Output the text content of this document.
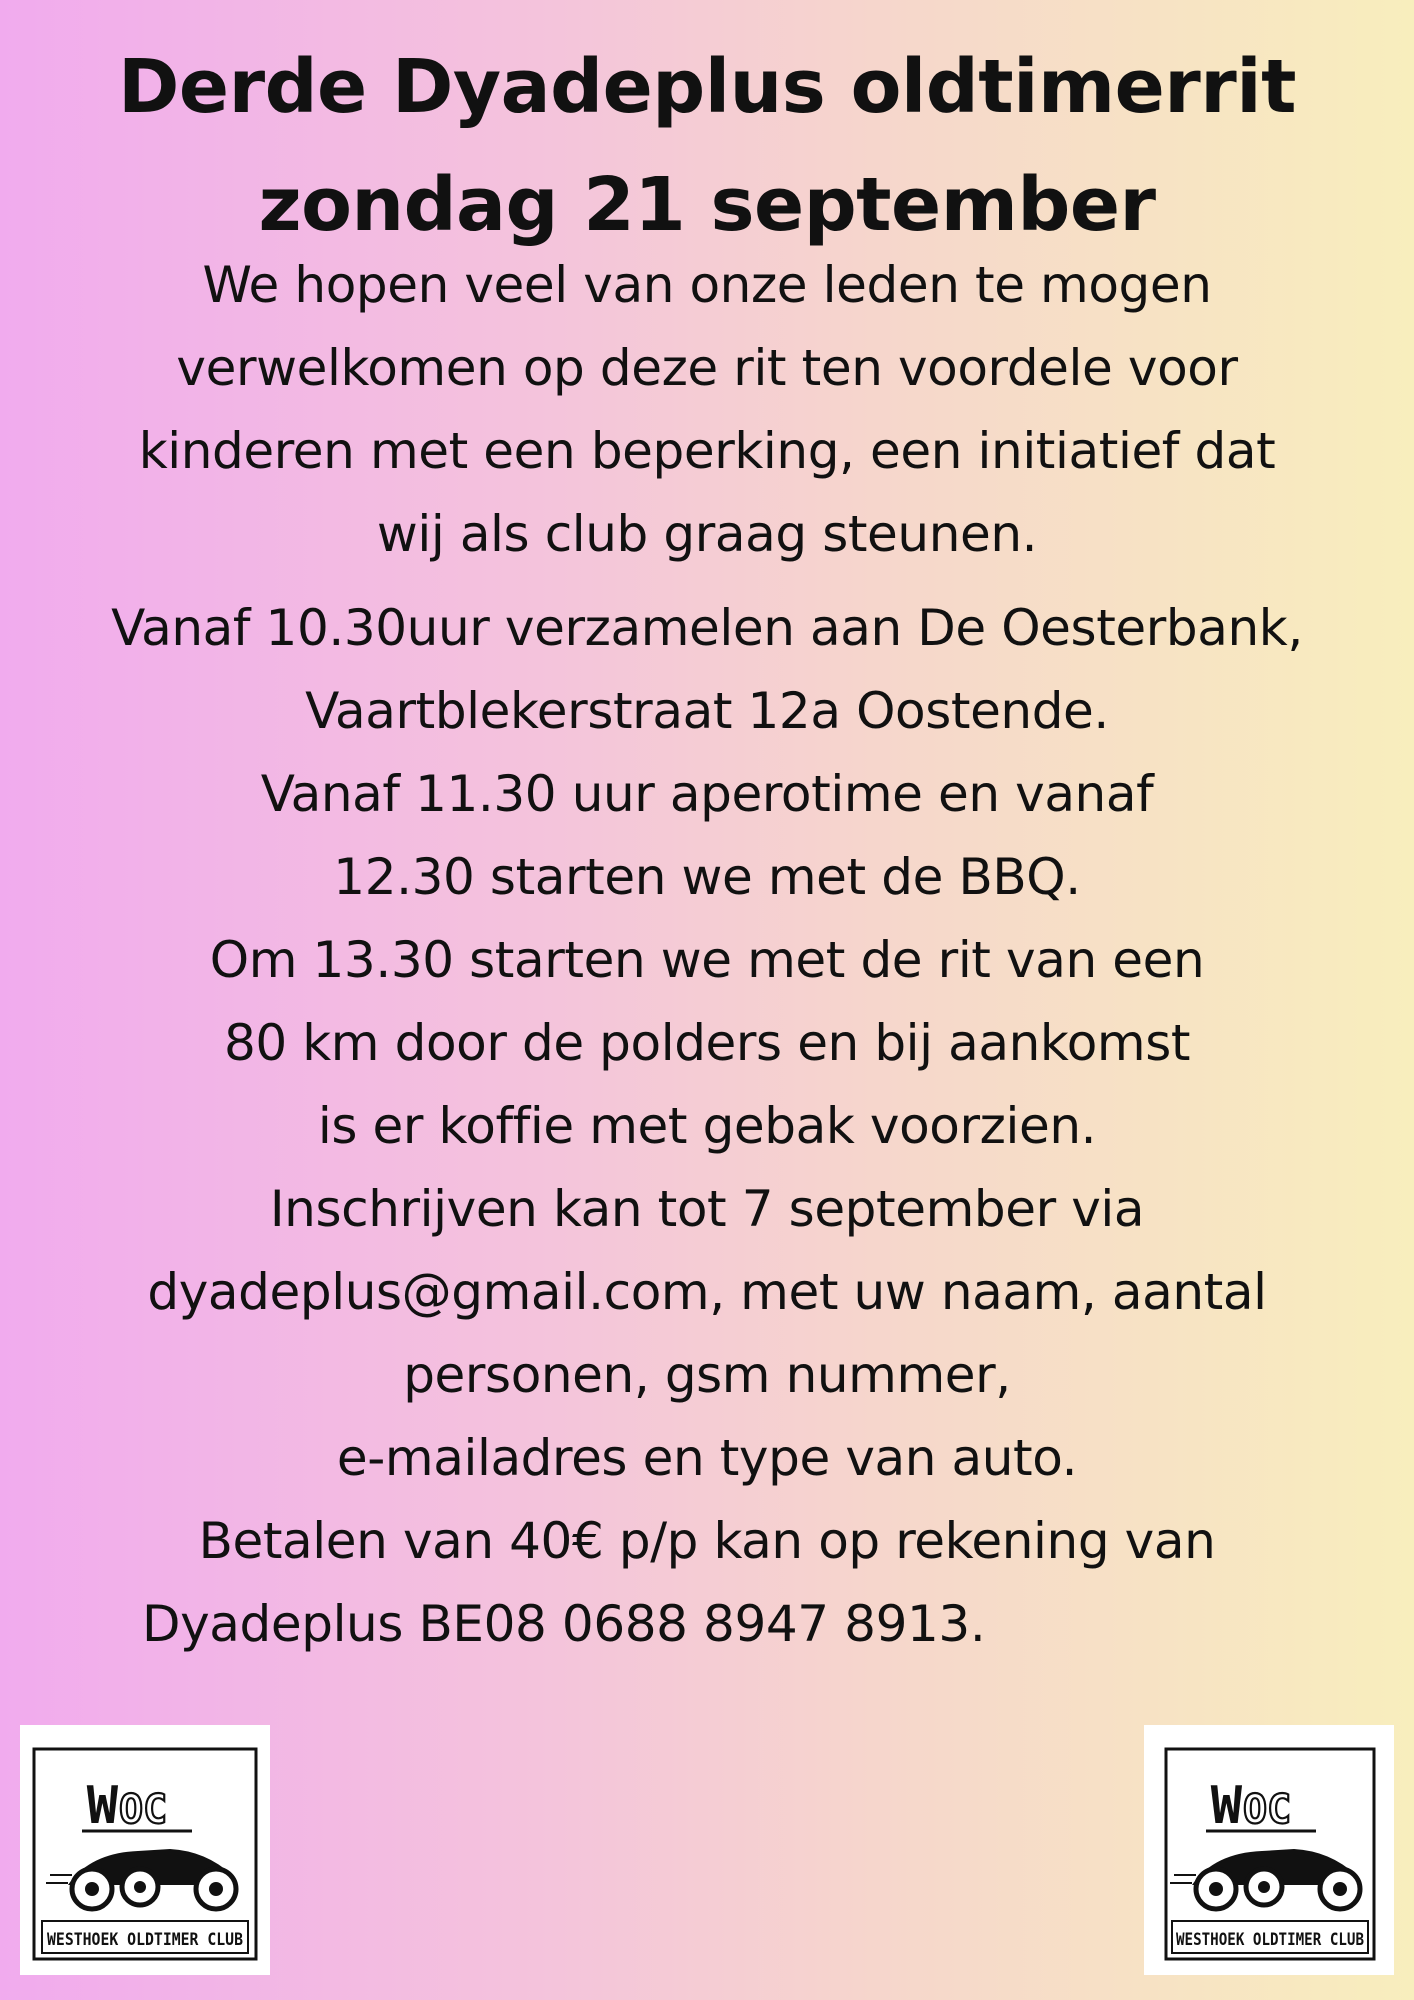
Derde Dyadeplus oldtimerrit
zondag 21 september
We hopen veel van onze leden te mogen
verwelkomen op deze rit ten voordele voor
kinderen met een beperking, een initiatief dat
wij als club graag steunen.
Vanaf 10.30uur verzamelen aan De Oesterbank,
Vaartblekerstraat 12a Oostende.
Vanaf 11.30 uur aperotime en vanaf
12.30 starten we met de BBQ.
Om 13.30 starten we met de rit van een
80 km door de polders en bij aankomst
is er koffie met gebak voorzien.
Inschrijven kan tot 7 september via
dyadeplus@gmail.com, met uw naam, aantal
personen, gsm nummer,
e-mailadres en type van auto.
Betalen van 40€ p/p kan op rekening van
Dyadeplus BE08 0688 8947 8913.
W OC
WESTHOEK OLDTIMER CLUB
W OC
WESTHOEK OLDTIMER CLUB
